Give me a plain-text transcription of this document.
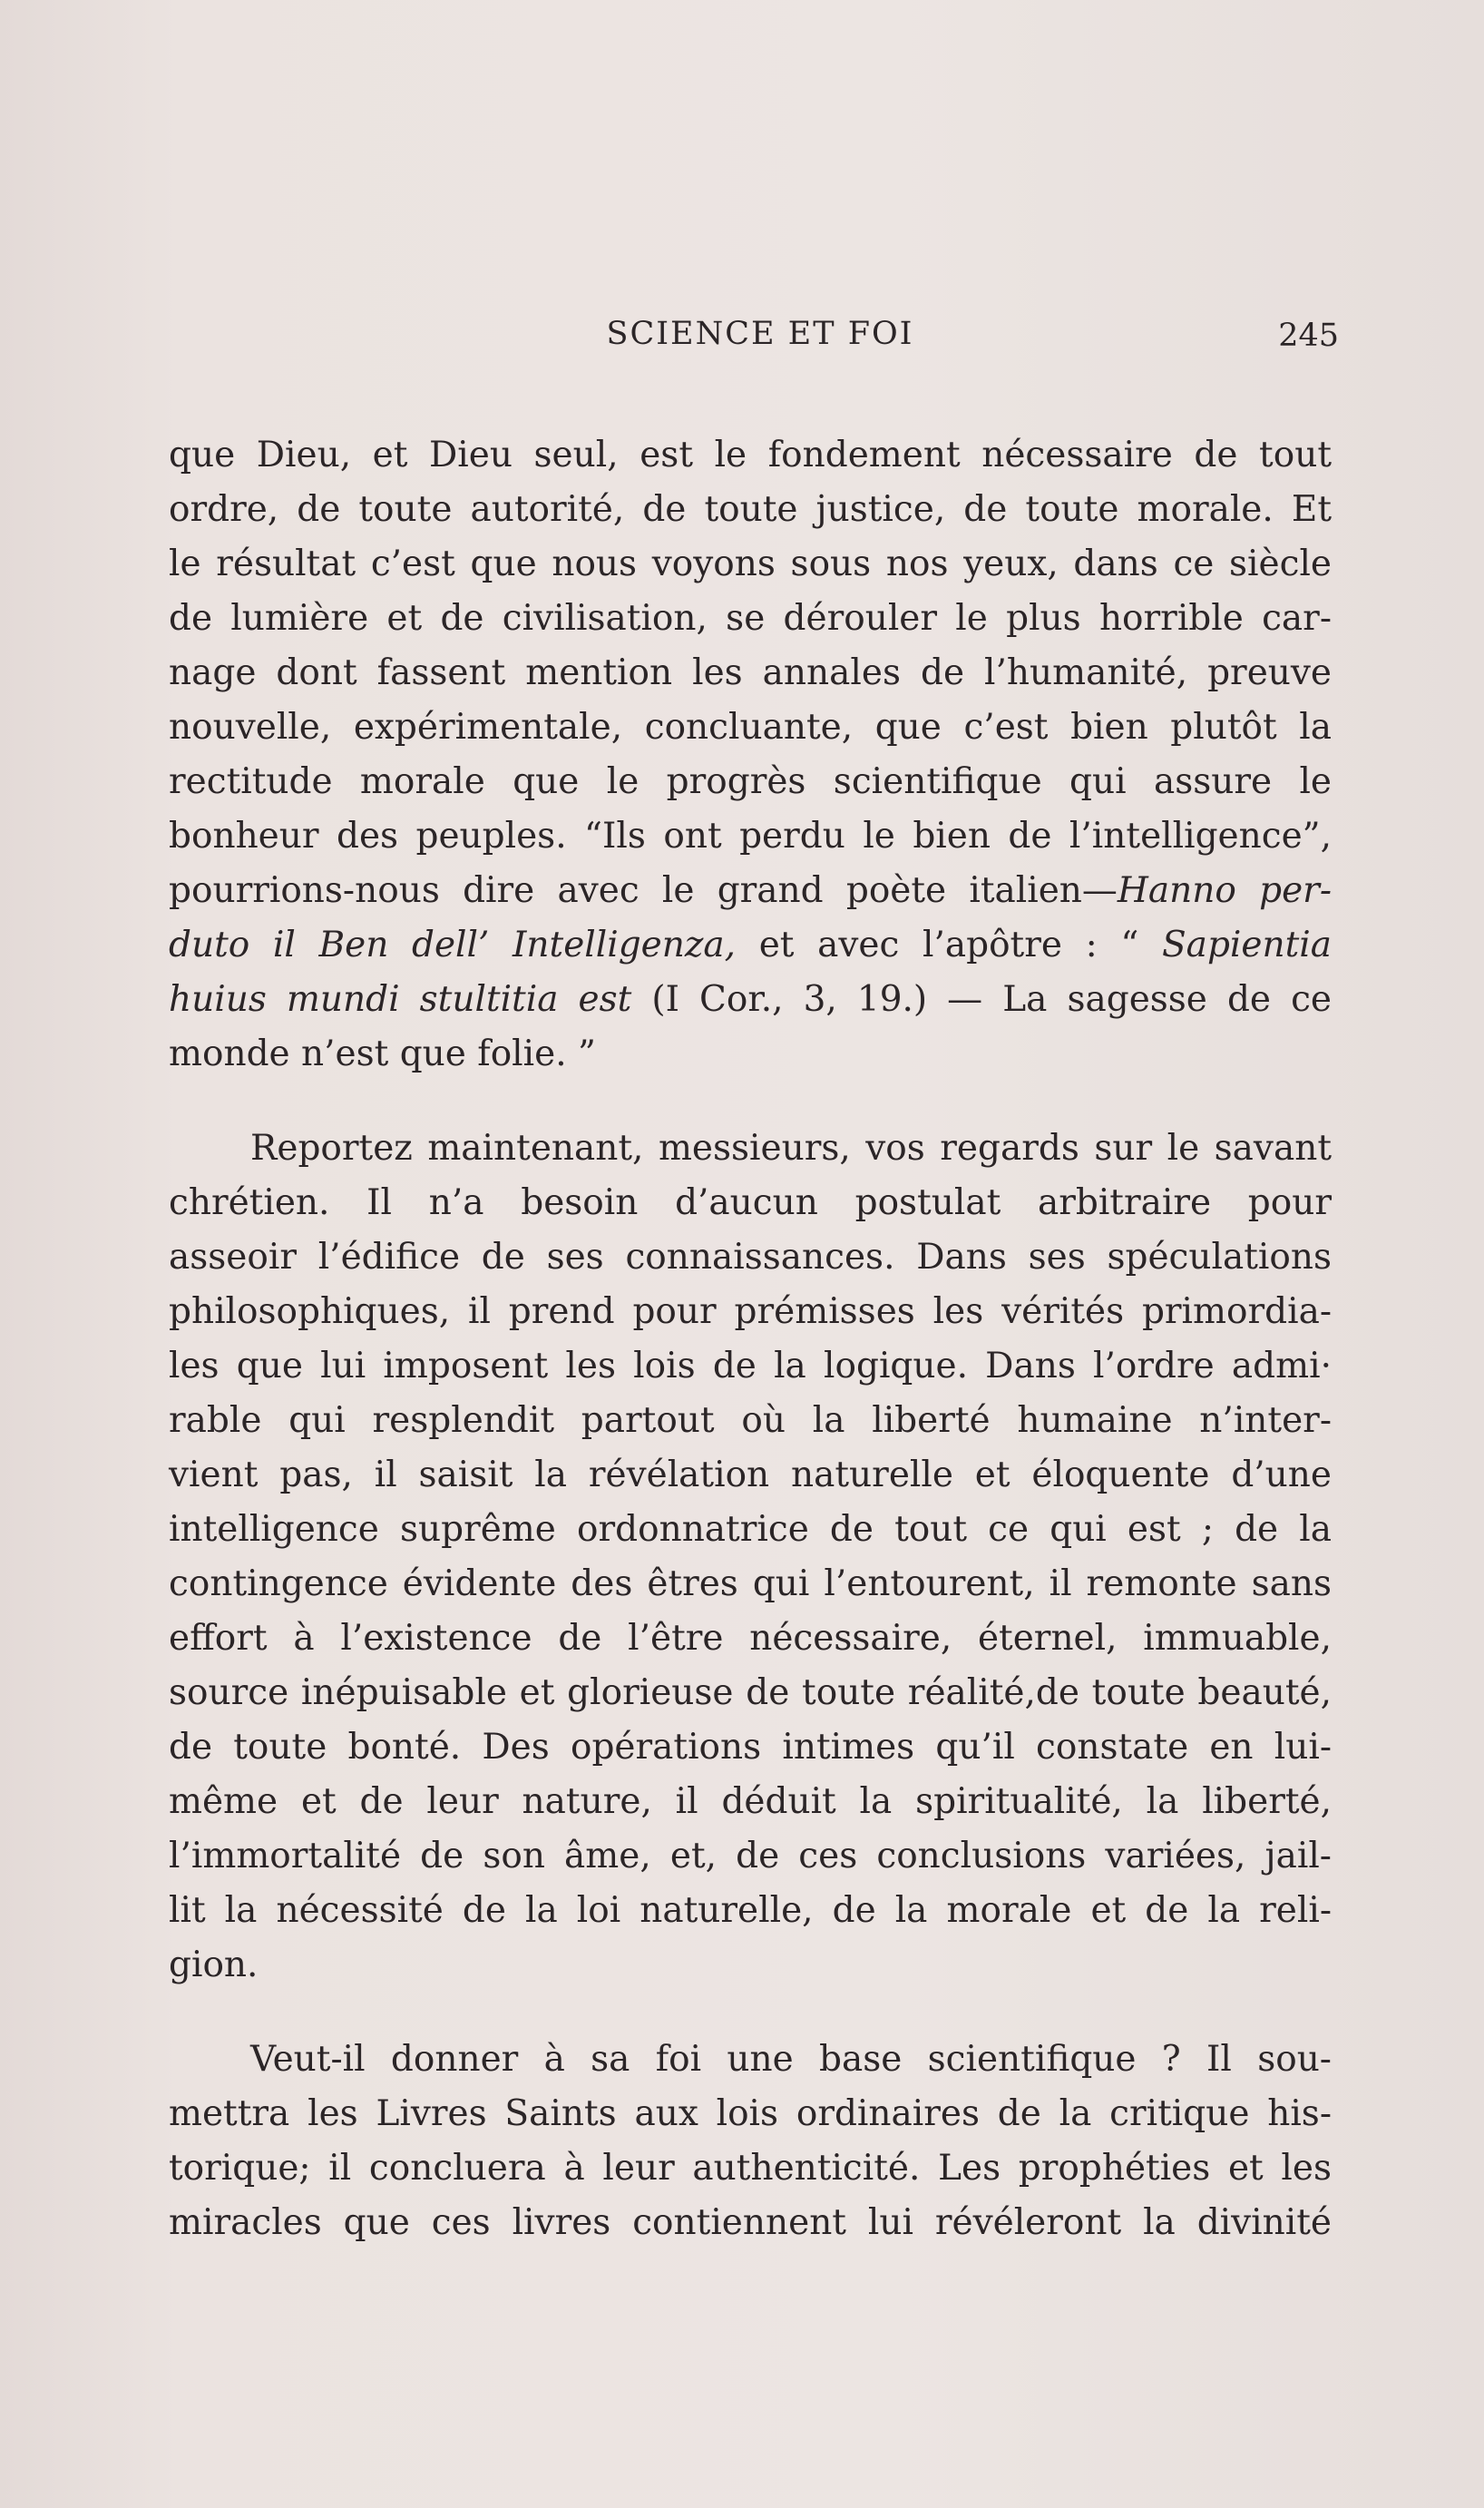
SCIENCE ET FOI	245
que Dieu, et Dieu seul, est le fondement nécessaire de tout
ordre, de toute autorité, de toute justice, de toute morale. Et
le résultat c’est que nous voyons sous nos yeux, dans ce siècle
de lumière et de civilisation, se dérouler le plus horrible car-
nage dont fassent mention les annales de l’humanité, preuve
nouvelle, expérimentale, concluante, que c’est bien plutôt la
rectitude morale que le progrès scientifique qui assure le
bonheur des peuples. “Ils ont perdu le bien de l’intelligence”,
pourrions-nous dire avec le grand poète italien—Hanno per-
duto il Ben dell’ Intelligenza, et avec l’apôtre : “ Sapientia
huius mundi stultitia est (I Cor., 3, 19.) — La sagesse de ce
monde n’est que folie. ”
Reportez maintenant, messieurs, vos regards sur le savant
chrétien. Il n’a besoin d’aucun postulat arbitraire pour
asseoir l’édifice de ses connaissances. Dans ses spéculations
philosophiques, il prend pour prémisses les vérités primordia-
les que lui imposent les lois de la logique. Dans l’ordre admi·
rable qui resplendit partout où la liberté humaine n’inter-
vient pas, il saisit la révélation naturelle et éloquente d’une
intelligence suprême ordonnatrice de tout ce qui est ; de la
contingence évidente des êtres qui l’entourent, il remonte sans
effort à l’existence de l’être nécessaire, éternel, immuable,
source inépuisable et glorieuse de toute réalité,de toute beauté,
de toute bonté. Des opérations intimes qu’il constate en lui-
même et de leur nature, il déduit la spiritualité, la liberté,
l’immortalité de son âme, et, de ces conclusions variées, jail-
lit la nécessité de la loi naturelle, de la morale et de la reli-
gion.
Veut-il donner à sa foi une base scientifique ? Il sou-
mettra les Livres Saints aux lois ordinaires de la critique his-
torique; il concluera à leur authenticité. Les prophéties et les
miracles que ces livres contiennent lui révéleront la divinité
